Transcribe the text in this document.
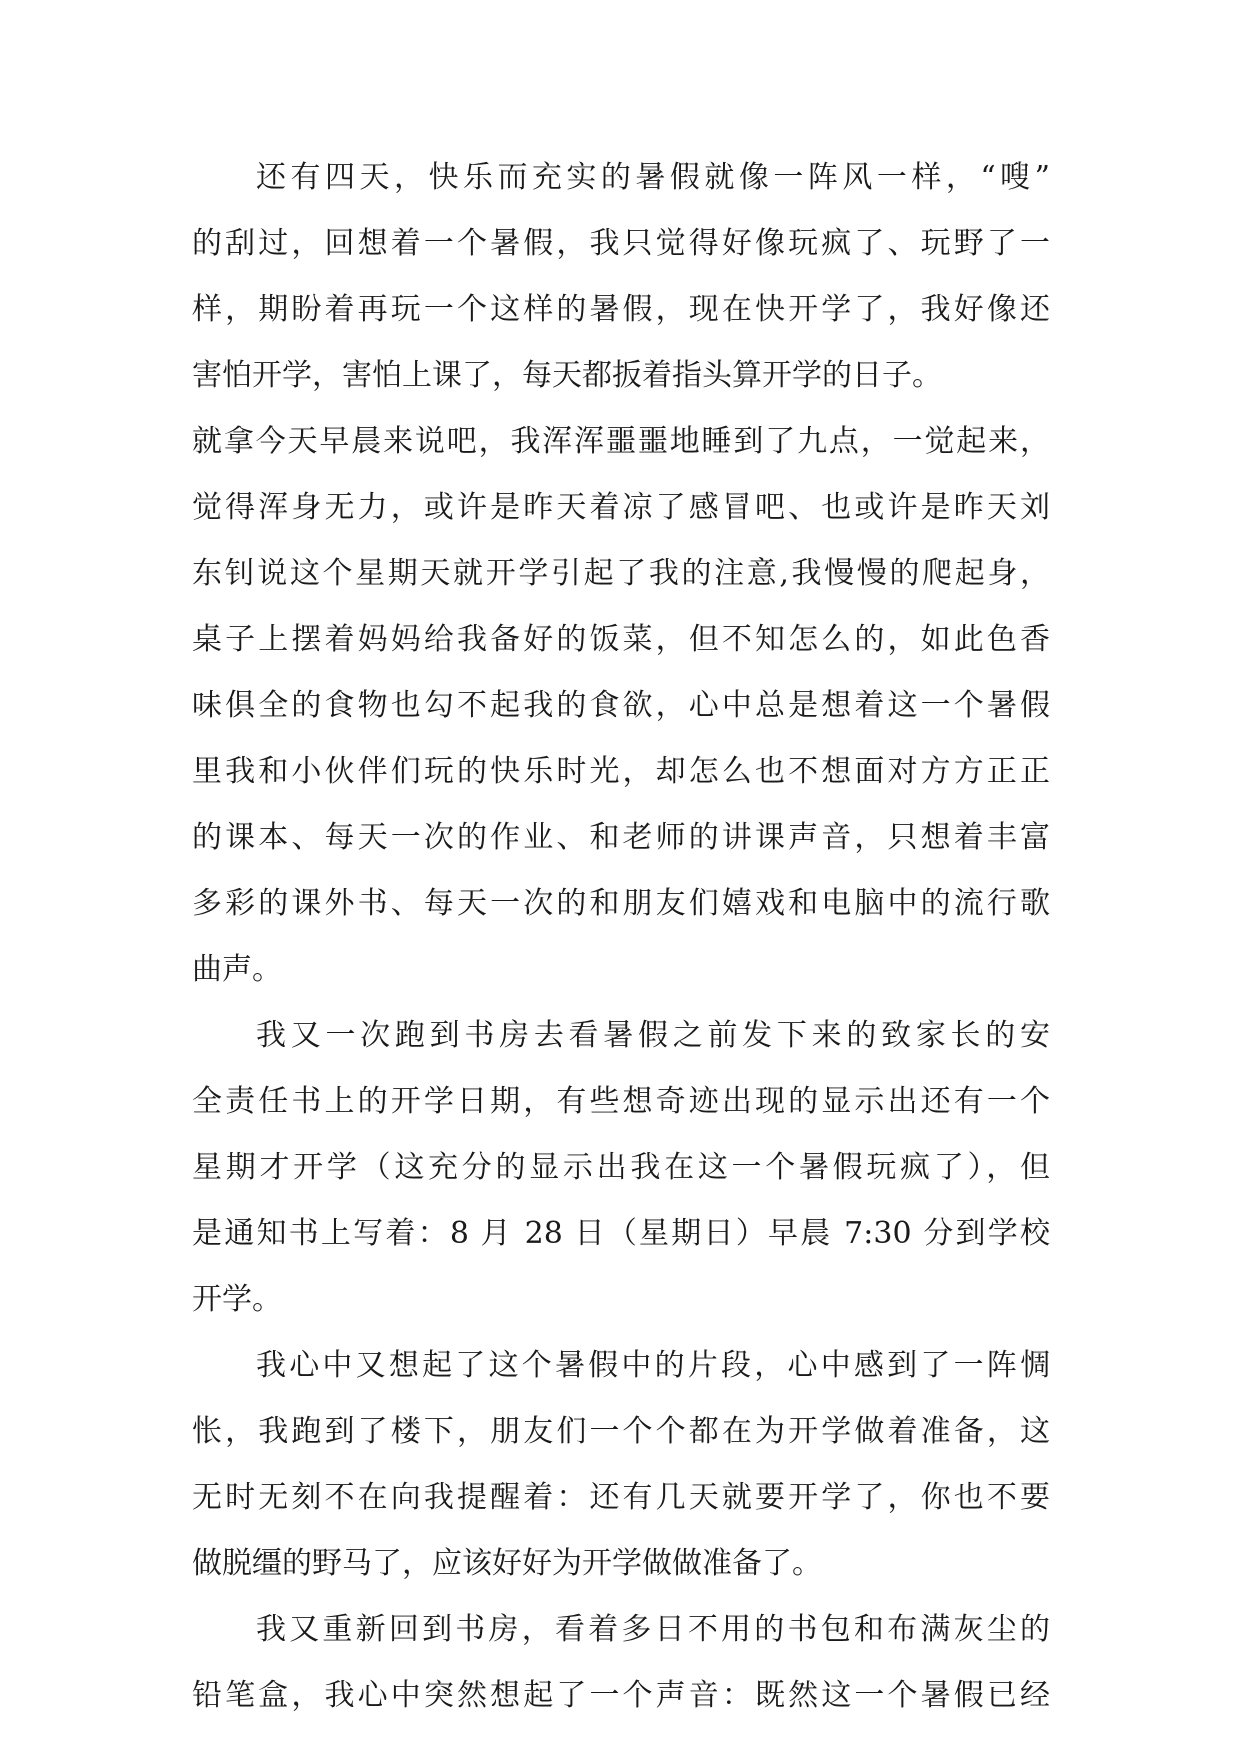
还有四天，快乐而充实的暑假就像一阵风一样，“嗖”
的刮过，回想着一个暑假，我只觉得好像玩疯了、玩野了一
样，期盼着再玩一个这样的暑假，现在快开学了，我好像还
害怕开学，害怕上课了，每天都扳着指头算开学的日子。
就拿今天早晨来说吧，我浑浑噩噩地睡到了九点，一觉起来，
觉得浑身无力，或许是昨天着凉了感冒吧、也或许是昨天刘
东钊说这个星期天就开学引起了我的注意,我慢慢的爬起身，
桌子上摆着妈妈给我备好的饭菜，但不知怎么的，如此色香
味俱全的食物也勾不起我的食欲，心中总是想着这一个暑假
里我和小伙伴们玩的快乐时光，却怎么也不想面对方方正正
的课本、每天一次的作业、和老师的讲课声音，只想着丰富
多彩的课外书、每天一次的和朋友们嬉戏和电脑中的流行歌
曲声。
我又一次跑到书房去看暑假之前发下来的致家长的安
全责任书上的开学日期，有些想奇迹出现的显示出还有一个
星期才开学（这充分的显示出我在这一个暑假玩疯了），但
是通知书上写着：8 月 28 日（星期日）早晨 7:30 分到学校
开学。
我心中又想起了这个暑假中的片段，心中感到了一阵惆
怅，我跑到了楼下，朋友们一个个都在为开学做着准备，这
无时无刻不在向我提醒着：还有几天就要开学了，你也不要
做脱缰的野马了，应该好好为开学做做准备了。
我又重新回到书房，看着多日不用的书包和布满灰尘的
铅笔盒，我心中突然想起了一个声音：既然这一个暑假已经
